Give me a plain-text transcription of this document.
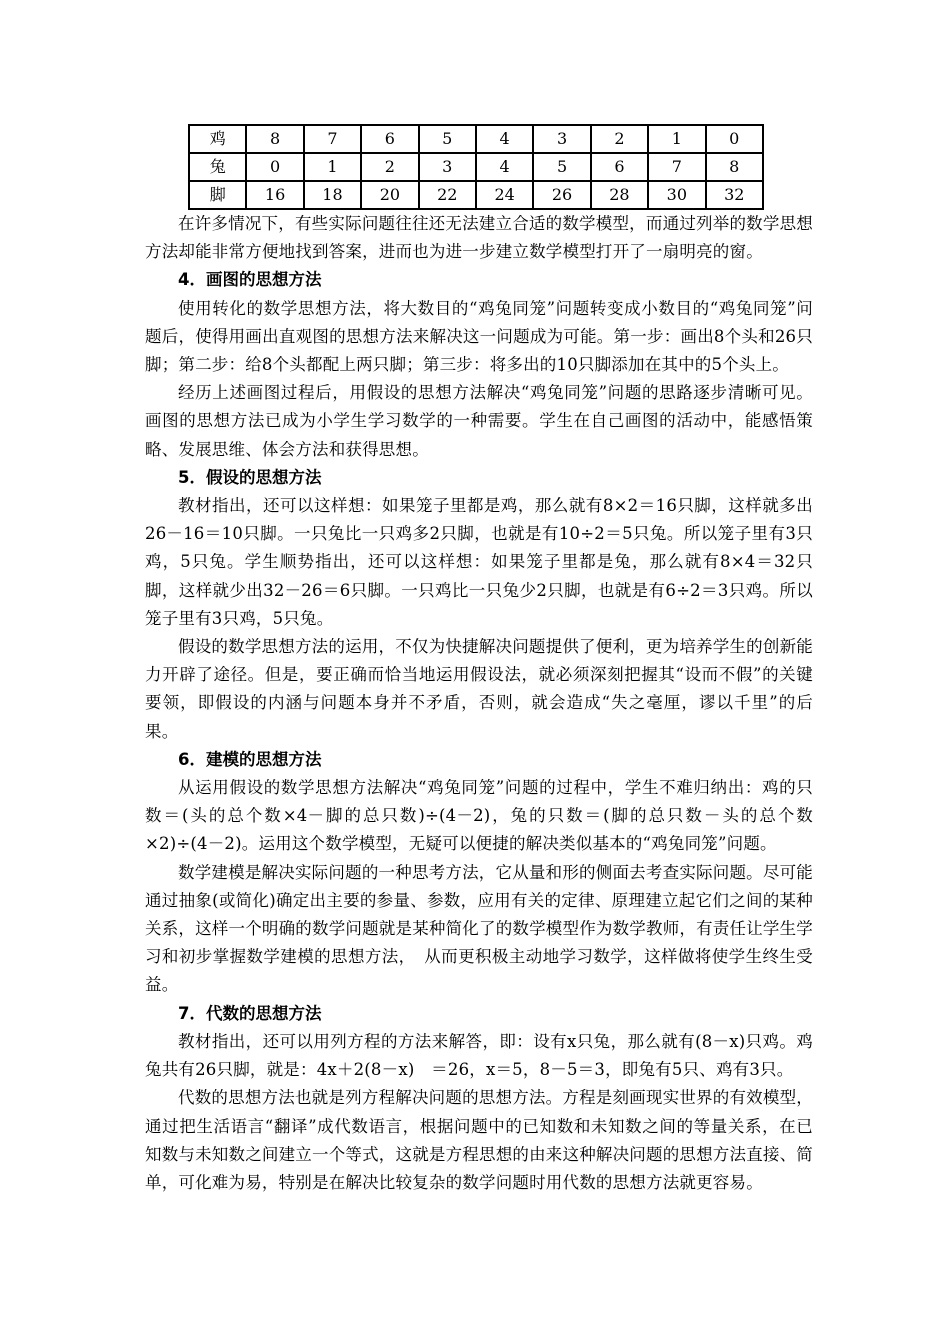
鸡	8	7	6	5	4	3	2	1	0
兔	0	1	2	3	4	5	6	7	8
脚	16	18	20	22	24	26	28	30	32

在许多情况下，有些实际问题往往还无法建立合适的数学模型，而通过列举的数学思想方法却能非常方便地找到答案，进而也为进一步建立数学模型打开了一扇明亮的窗。

4．画图的思想方法

使用转化的数学思想方法，将大数目的“鸡兔同笼”问题转变成小数目的“鸡兔同笼”问题后，使得用画出直观图的思想方法来解决这一问题成为可能。第一步：画出8个头和26只脚；第二步：给8个头都配上两只脚；第三步：将多出的10只脚添加在其中的5个头上。

经历上述画图过程后，用假设的思想方法解决“鸡兔同笼”问题的思路逐步清晰可见。画图的思想方法已成为小学生学习数学的一种需要。学生在自己画图的活动中，能感悟策略、发展思维、体会方法和获得思想。

5．假设的思想方法

教材指出，还可以这样想：如果笼子里都是鸡，那么就有8×2＝16只脚，这样就多出26－16＝10只脚。一只兔比一只鸡多2只脚，也就是有10÷2＝5只兔。所以笼子里有3只鸡，5只兔。学生顺势指出，还可以这样想：如果笼子里都是兔，那么就有8×4＝32只脚，这样就少出32－26＝6只脚。一只鸡比一只兔少2只脚，也就是有6÷2＝3只鸡。所以笼子里有3只鸡，5只兔。

假设的数学思想方法的运用，不仅为快捷解决问题提供了便利，更为培养学生的创新能力开辟了途径。但是，要正确而恰当地运用假设法，就必须深刻把握其“设而不假”的关键要领，即假设的内涵与问题本身并不矛盾，否则，就会造成“失之毫厘，谬以千里”的后果。

6．建模的思想方法

从运用假设的数学思想方法解决“鸡兔同笼”问题的过程中，学生不难归纳出：鸡的只数＝(头的总个数×4－脚的总只数)÷(4－2)，兔的只数＝(脚的总只数－头的总个数×2)÷(4－2)。运用这个数学模型，无疑可以便捷的解决类似基本的“鸡兔同笼”问题。

数学建模是解决实际问题的一种思考方法，它从量和形的侧面去考查实际问题。尽可能通过抽象(或简化)确定出主要的参量、参数，应用有关的定律、原理建立起它们之间的某种关系，这样一个明确的数学问题就是某种简化了的数学模型作为数学教师，有责任让学生学习和初步掌握数学建模的思想方法，　从而更积极主动地学习数学，这样做将使学生终生受益。

7．代数的思想方法

教材指出，还可以用列方程的方法来解答，即：设有x只兔，那么就有(8－x)只鸡。鸡兔共有26只脚，就是：4x＋2(8－x)　＝26，x＝5，8－5＝3，即兔有5只、鸡有3只。

代数的思想方法也就是列方程解决问题的思想方法。方程是刻画现实世界的有效模型，通过把生活语言“翻译”成代数语言，根据问题中的已知数和未知数之间的等量关系，在已知数与未知数之间建立一个等式，这就是方程思想的由来这种解决问题的思想方法直接、简单，可化难为易，特别是在解决比较复杂的数学问题时用代数的思想方法就更容易。
